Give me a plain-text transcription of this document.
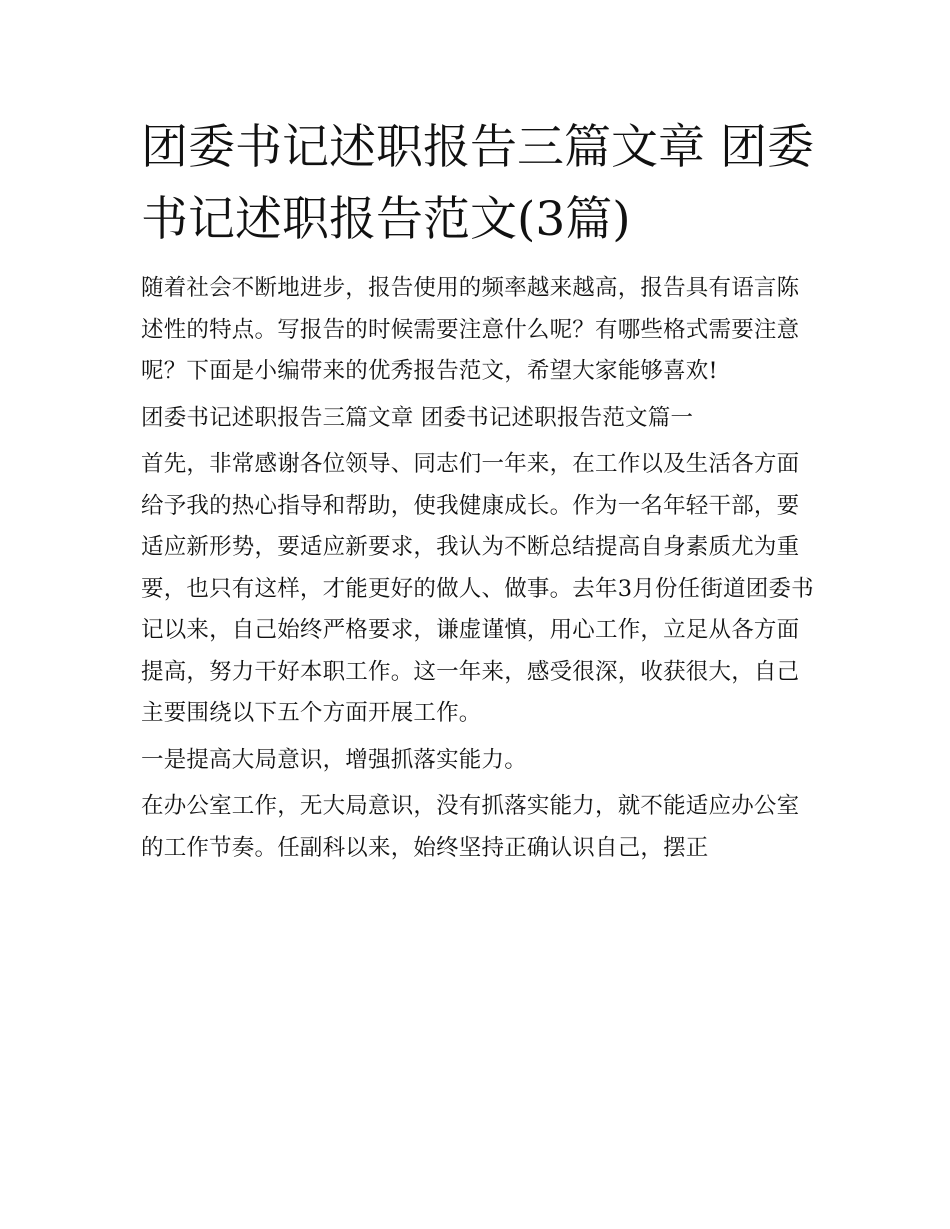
团委书记述职报告三篇文章 团委书记述职报告范文(3篇)

随着社会不断地进步，报告使用的频率越来越高，报告具有语言陈述性的特点。写报告的时候需要注意什么呢？有哪些格式需要注意呢？下面是小编带来的优秀报告范文，希望大家能够喜欢!

团委书记述职报告三篇文章 团委书记述职报告范文篇一

首先，非常感谢各位领导、同志们一年来，在工作以及生活各方面给予我的热心指导和帮助，使我健康成长。作为一名年轻干部，要适应新形势，要适应新要求，我认为不断总结提高自身素质尤为重要，也只有这样，才能更好的做人、做事。去年3月份任街道团委书记以来，自己始终严格要求，谦虚谨慎，用心工作，立足从各方面提高，努力干好本职工作。这一年来，感受很深，收获很大，自己主要围绕以下五个方面开展工作。

一是提高大局意识，增强抓落实能力。

在办公室工作，无大局意识，没有抓落实能力，就不能适应办公室的工作节奏。任副科以来，始终坚持正确认识自己，摆正
